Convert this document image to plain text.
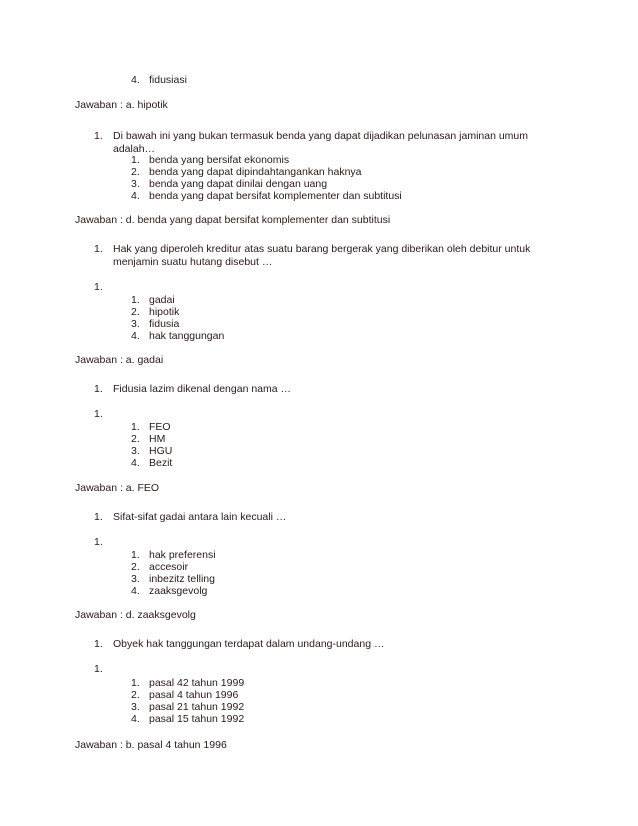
4. fidusiasi
Jawaban : a. hipotik
1. Di bawah ini yang bukan termasuk benda yang dapat dijadikan pelunasan jaminan umum adalah…
1. benda yang bersifat ekonomis
2. benda yang dapat dipindahtangankan haknya
3. benda yang dapat dinilai dengan uang
4. benda yang dapat bersifat komplementer dan subtitusi
Jawaban : d. benda yang dapat bersifat komplementer dan subtitusi
1. Hak yang diperoleh kreditur atas suatu barang bergerak yang diberikan oleh debitur untuk menjamin suatu hutang disebut …
1.
1. gadai
2. hipotik
3. fidusia
4. hak tanggungan
Jawaban : a. gadai
1. Fidusia lazim dikenal dengan nama …
1.
1. FEO
2. HM
3. HGU
4. Bezit
Jawaban : a. FEO
1. Sifat-sifat gadai antara lain kecuali …
1.
1. hak preferensi
2. accesoir
3. inbezitz telling
4. zaaksgevolg
Jawaban : d. zaaksgevolg
1. Obyek hak tanggungan terdapat dalam undang-undang …
1.
1. pasal 42 tahun 1999
2. pasal 4 tahun 1996
3. pasal 21 tahun 1992
4. pasal 15 tahun 1992
Jawaban : b. pasal 4 tahun 1996
